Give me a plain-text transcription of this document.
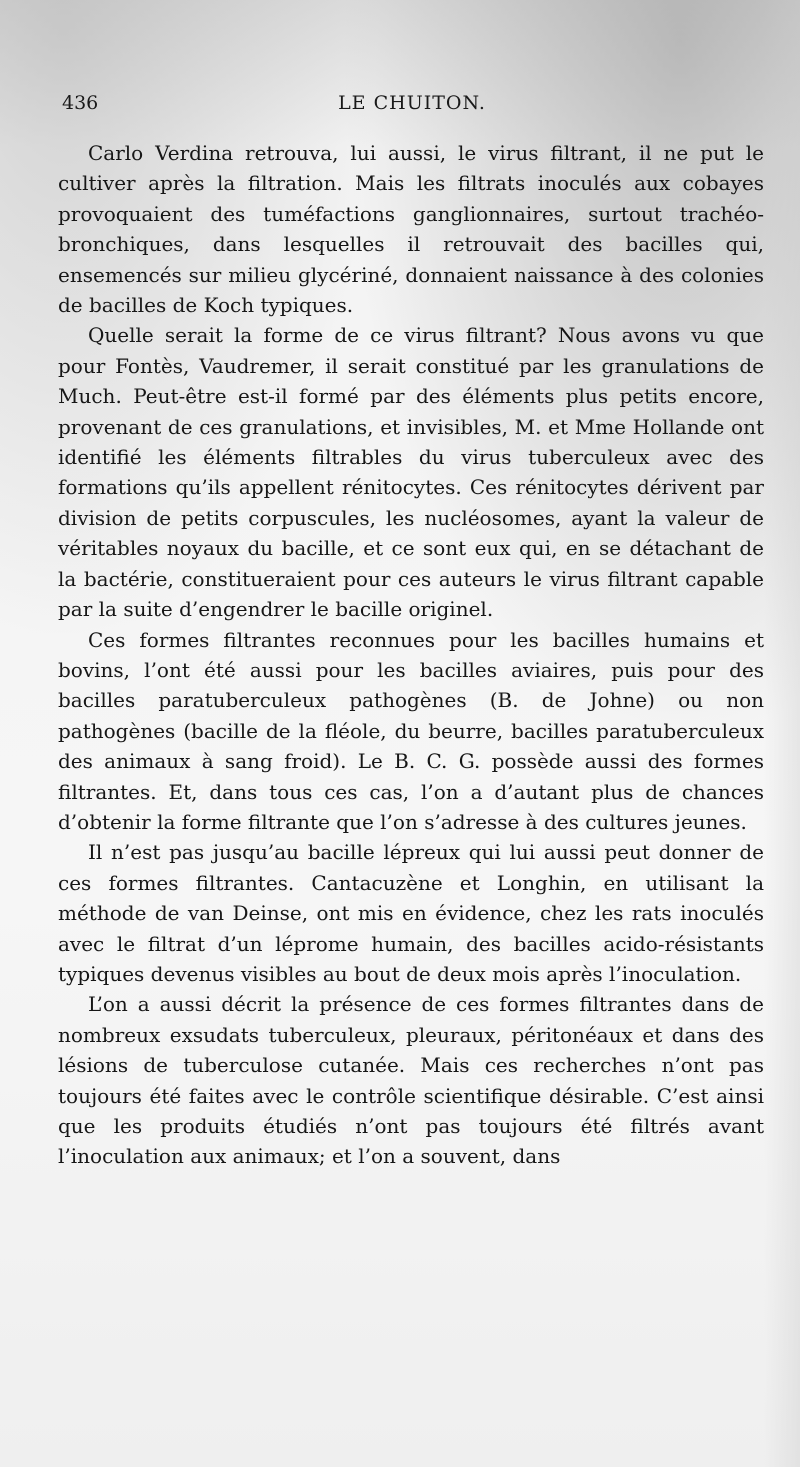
436	LE CHUITON.

Carlo Verdina retrouva, lui aussi, le virus filtrant, il ne put le cultiver après la filtration. Mais les filtrats inoculés aux cobayes provoquaient des tuméfactions ganglionnaires, surtout trachéo-bronchiques, dans lesquelles il retrouvait des bacilles qui, ensemencés sur milieu glycériné, donnaient naissance à des colonies de bacilles de Koch typiques.

Quelle serait la forme de ce virus filtrant? Nous avons vu que pour Fontès, Vaudremer, il serait constitué par les granulations de Much. Peut-être est-il formé par des éléments plus petits encore, provenant de ces granulations, et invisibles, M. et Mme Hollande ont identifié les éléments filtrables du virus tuberculeux avec des formations qu’ils appellent rénitocytes. Ces rénitocytes dérivent par division de petits corpuscules, les nucléosomes, ayant la valeur de véritables noyaux du bacille, et ce sont eux qui, en se détachant de la bactérie, constitueraient pour ces auteurs le virus filtrant capable par la suite d’engendrer le bacille originel.

Ces formes filtrantes reconnues pour les bacilles humains et bovins, l’ont été aussi pour les bacilles aviaires, puis pour des bacilles paratuberculeux pathogènes (B. de Johne) ou non pathogènes (bacille de la fléole, du beurre, bacilles paratuberculeux des animaux à sang froid). Le B. C. G. possède aussi des formes filtrantes. Et, dans tous ces cas, l’on a d’autant plus de chances d’obtenir la forme filtrante que l’on s’adresse à des cultures jeunes.

Il n’est pas jusqu’au bacille lépreux qui lui aussi peut donner de ces formes filtrantes. Cantacuzène et Longhin, en utilisant la méthode de van Deinse, ont mis en évidence, chez les rats inoculés avec le filtrat d’un léprome humain, des bacilles acido-résistants typiques devenus visibles au bout de deux mois après l’inoculation.

L’on a aussi décrit la présence de ces formes filtrantes dans de nombreux exsudats tuberculeux, pleuraux, péritonéaux et dans des lésions de tuberculose cutanée. Mais ces recherches n’ont pas toujours été faites avec le contrôle scientifique désirable. C’est ainsi que les produits étudiés n’ont pas toujours été filtrés avant l’inoculation aux animaux; et l’on a souvent, dans
